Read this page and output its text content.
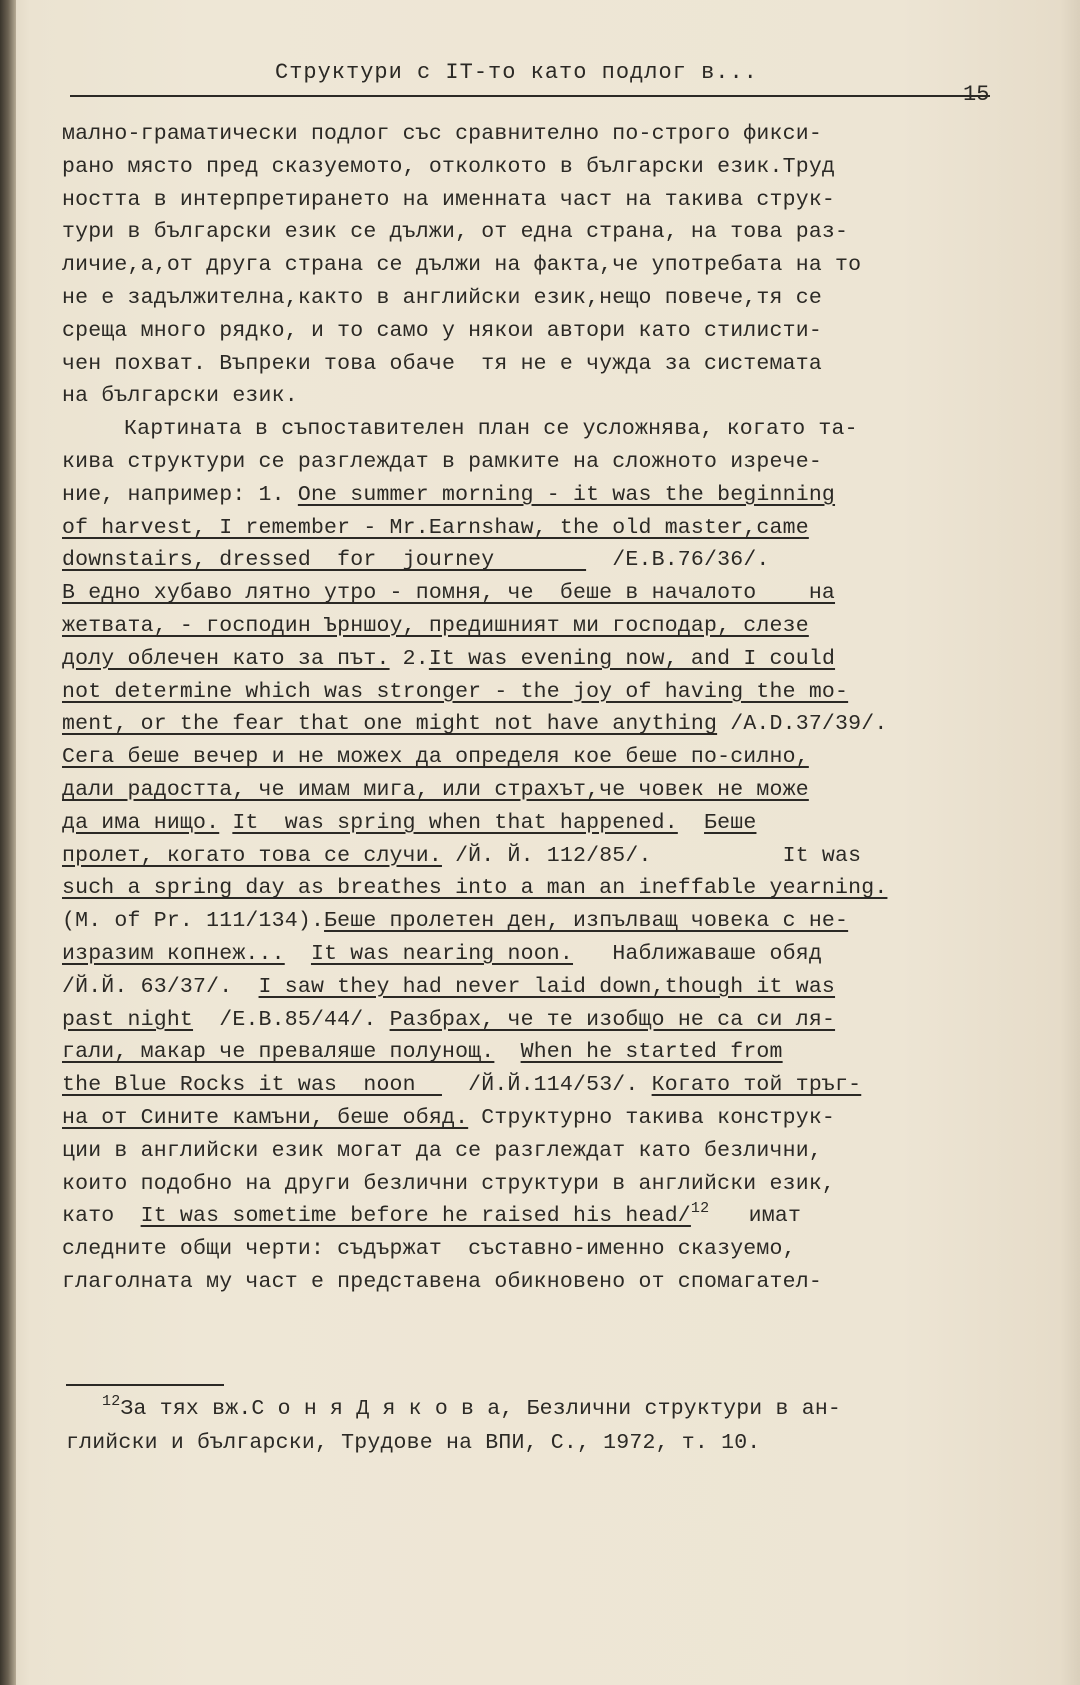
Структури с IТ-то като подлог в...
15
мално-граматически подлог със сравнително по-строго фикси-
рано място пред сказуемото, отколкото в български език.Труд
ността в интерпретирането на именната част на такива струк-
тури в български език се дължи, от една страна, на това раз-
личие,а,от друга страна се дължи на факта,че употребата на то
не е задължителна,както в английски език,нещо повече,тя се
среща много рядко, и то само у някои автори като стилисти-
чен похват. Въпреки това обаче  тя не е чужда за системата
на български език.
Картината в съпоставителен план се усложнява, когато та-
кива структури се разглеждат в рамките на сложното изрече-
ние, например: 1. One summer morning - it was the beginning
of harvest, I remember - Mr.Earnshaw, the old master,came
downstairs, dressed  for  journey         /Е.В.76/36/.
В едно хубаво лятно утро - помня, че  беше в началото    на
жетвата, - господин Ърншоу, предишният ми господар, слезе
долу облечен като за път. 2.It was evening now, and I could
not determine which was stronger - the joy of having the mo-
ment, or the fear that one might not have anything /A.D.37/39/.
Сега беше вечер и не можех да определя кое беше по-силно,
дали радостта, че имам мига, или страхът,че човек не може
да има нищо. It  was spring when that happened. Беше
пролет, когато това се случи. /Й. Й. 112/85/.          It was
such a spring day as breathes into a man an ineffable yearning.
(M. of Pr. 111/134).Беше пролетен ден, изпълващ човека с не-
изразим копнеж... It was nearing noon.   Наближаваше обяд
/Й.Й. 63/37/.  I saw they had never laid down,though it was
past night  /Е.В.85/44/. Разбрах, че те изобщо не са си ля-
гали, макар че преваляше полунощ. When he started from
the Blue Rocks it was  noon    /Й.Й.114/53/. Когато той тръг-
на от Сините камъни, беше обяд. Структурно такива конструк-
ции в английски език могат да се разглеждат като безлични,
които подобно на други безлични структури в английски език,
като  It was sometime before he raised his head/$^{12}$   имат
следните общи черти: съдържат  съставно-именно сказуемо,
глаголната му част е представена обикновено от спомагател-
$^{12}$За тях вж.С о н я Д я к о в а, Безлични структури в ан-
глийски и български, Трудове на ВПИ, С., 1972, т. 10.
